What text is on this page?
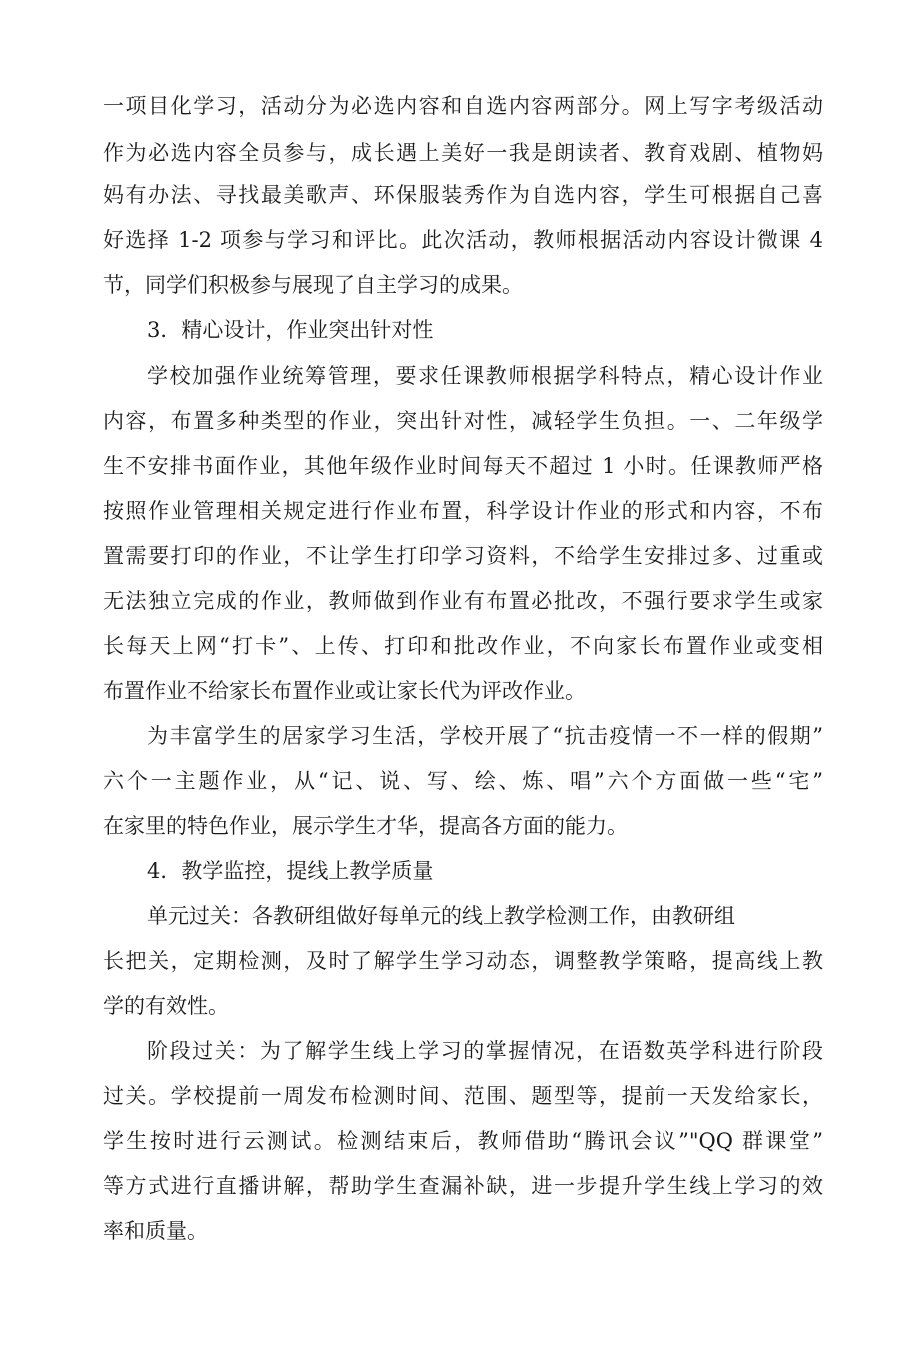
一项目化学习，活动分为必选内容和自选内容两部分。网上写字考级活动
作为必选内容全员参与，成长遇上美好一我是朗读者、教育戏剧、植物妈
妈有办法、寻找最美歌声、环保服装秀作为自选内容，学生可根据自己喜
好选择 1-2 项参与学习和评比。此次活动，教师根据活动内容设计微课 4
节，同学们积极参与展现了自主学习的成果。
3．精心设计，作业突出针对性
学校加强作业统筹管理，要求任课教师根据学科特点，精心设计作业
内容，布置多种类型的作业，突出针对性，减轻学生负担。一、二年级学
生不安排书面作业，其他年级作业时间每天不超过 1 小时。任课教师严格
按照作业管理相关规定进行作业布置，科学设计作业的形式和内容，不布
置需要打印的作业，不让学生打印学习资料，不给学生安排过多、过重或
无法独立完成的作业，教师做到作业有布置必批改，不强行要求学生或家
长每天上网“打卡”、上传、打印和批改作业，不向家长布置作业或变相
布置作业不给家长布置作业或让家长代为评改作业。
为丰富学生的居家学习生活，学校开展了“抗击疫情一不一样的假期”
六个一主题作业，从“记、说、写、绘、炼、唱”六个方面做一些“宅”
在家里的特色作业，展示学生才华，提高各方面的能力。
4．教学监控，提线上教学质量
单元过关：各教研组做好每单元的线上教学检测工作，由教研组
长把关，定期检测，及时了解学生学习动态，调整教学策略，提高线上教
学的有效性。
阶段过关：为了解学生线上学习的掌握情况，在语数英学科进行阶段
过关。学校提前一周发布检测时间、范围、题型等，提前一天发给家长，
学生按时进行云测试。检测结束后，教师借助“腾讯会议”"QQ 群课堂”
等方式进行直播讲解，帮助学生查漏补缺，进一步提升学生线上学习的效
率和质量。
